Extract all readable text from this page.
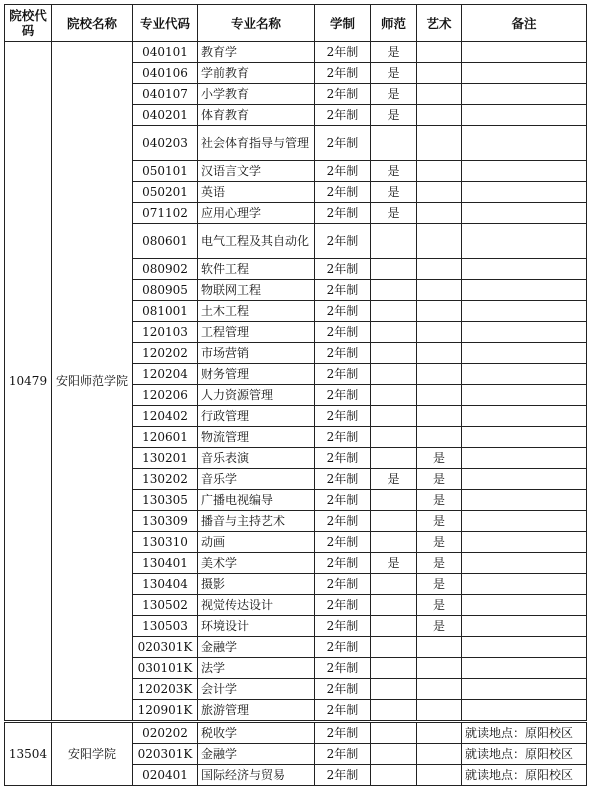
院校代码	院校名称	专业代码	专业名称	学制	师范	艺术	备注
10479	安阳师范学院	040101	教育学	2年制	是		
		040106	学前教育	2年制	是		
		040107	小学教育	2年制	是		
		040201	体育教育	2年制	是		
		040203	社会体育指导与管理	2年制			
		050101	汉语言文学	2年制	是		
		050201	英语	2年制	是		
		071102	应用心理学	2年制	是		
		080601	电气工程及其自动化	2年制			
		080902	软件工程	2年制			
		080905	物联网工程	2年制			
		081001	土木工程	2年制			
		120103	工程管理	2年制			
		120202	市场营销	2年制			
		120204	财务管理	2年制			
		120206	人力资源管理	2年制			
		120402	行政管理	2年制			
		120601	物流管理	2年制			
		130201	音乐表演	2年制		是	
		130202	音乐学	2年制	是	是	
		130305	广播电视编导	2年制		是	
		130309	播音与主持艺术	2年制		是	
		130310	动画	2年制		是	
		130401	美术学	2年制	是	是	
		130404	摄影	2年制		是	
		130502	视觉传达设计	2年制		是	
		130503	环境设计	2年制		是	
		020301K	金融学	2年制			
		030101K	法学	2年制			
		120203K	会计学	2年制			
		120901K	旅游管理	2年制			
13504	安阳学院	020202	税收学	2年制			就读地点：原阳校区
		020301K	金融学	2年制			就读地点：原阳校区
		020401	国际经济与贸易	2年制			就读地点：原阳校区
